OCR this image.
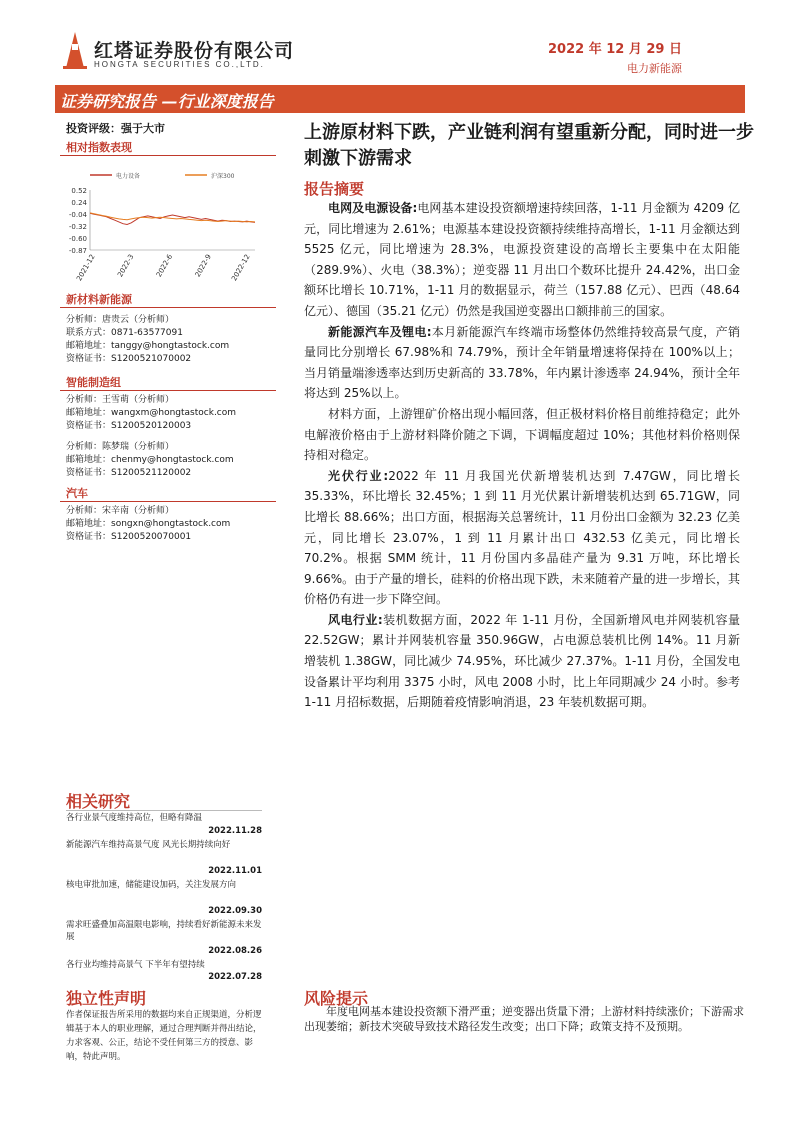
红塔证券股份有限公司
HONGTA SECURITIES CO.,LTD.
2022 年 12 月 29 日
电力新能源
证券研究报告 —行业深度报告
投资评级：强于大市
相对指数表现
新材料新能源
智能制造组
汽车
电力设备	沪深300
0.52
0.24
-0.04
-0.32
-0.60
-0.87
2021-12	2022-3	2022-6	2022-9 2022-12
分析师：唐贵云（分析师）
联系方式：0871-63577091
邮箱地址：tanggy@hongtastock.com
资格证书：S1200521070002
分析师：王雪萌（分析师）
邮箱地址：wangxm@hongtastock.com
资格证书：S1200520120003
分析师：陈梦瑞（分析师）
邮箱地址：chenmy@hongtastock.com
资格证书：S1200521120002
分析师：宋辛南（分析师）
邮箱地址：songxn@hongtastock.com
资格证书：S1200520070001
相关研究
各行业景气度维持高位，但略有降温
2022.11.28
新能源汽车维持高景气度 风光长期持续向好
2022.11.01
核电审批加速，储能建设加码，关注发展方向
2022.09.30
需求旺盛叠加高温限电影响，持续看好新能源未来发展
2022.08.26
各行业均维持高景气 下半年有望持续
2022.07.28
独立性声明
作者保证报告所采用的数据均来自正规渠道，分析逻辑基于本人的职业理解，通过合理判断并得出结论，力求客观、公正，结论不受任何第三方的授意、影响，特此声明。
上游原材料下跌，产业链利润有望重新分配，同时进一步刺激下游需求
报告摘要

电网及电源设备:电网基本建设投资额增速持续回落，1-11 月金额为 4209 亿元，同比增速为 2.61%；电源基本建设投资额持续维持高增长，1-11 月金额达到 5525 亿元，同比增速为 28.3%，电源投资建设的高增长主要集中在太阳能（289.9%）、火电（38.3%）；逆变器 11 月出口个数环比提升 24.42%，出口金额环比增长 10.71%，1-11 月的数据显示，荷兰（157.88 亿元）、巴西（48.64 亿元）、德国（35.21 亿元）仍然是我国逆变器出口额排前三的国家。

新能源汽车及锂电:本月新能源汽车终端市场整体仍然维持较高景气度，产销量同比分别增长 67.98%和 74.79%，预计全年销量增速将保持在 100%以上；当月销量端渗透率达到历史新高的 33.78%，年内累计渗透率 24.94%，预计全年将达到 25%以上。

材料方面，上游锂矿价格出现小幅回落，但正极材料价格目前维持稳定；此外电解液价格由于上游材料降价随之下调，下调幅度超过 10%；其他材料价格则保持相对稳定。

光伏行业:2022 年 11 月我国光伏新增装机达到 7.47GW，同比增长 35.33%，环比增长 32.45%；1 到 11 月光伏累计新增装机达到 65.71GW，同比增长 88.66%；出口方面，根据海关总署统计，11 月份出口金额为 32.23 亿美元，同比增长 23.07%，1 到 11 月累计出口 432.53 亿美元，同比增长 70.2%。根据 SMM 统计，11 月份国内多晶硅产量为 9.31 万吨，环比增长 9.66%。由于产量的增长，硅料的价格出现下跌，未来随着产量的进一步增长，其价格仍有进一步下降空间。

风电行业:装机数据方面，2022 年 1-11 月份，全国新增风电并网装机容量 22.52GW；累计并网装机容量 350.96GW，占电源总装机比例 14%。11 月新增装机 1.38GW，同比减少 74.95%，环比减少 27.37%。1-11 月份，全国发电设备累计平均利用 3375 小时，风电 2008 小时，比上年同期减少 24 小时。参考 1-11 月招标数据，后期随着疫情影响消退，23 年装机数据可期。

风险提示
年度电网基本建设投资额下滑严重；逆变器出货量下滑；上游材料持续涨价；下游需求出现萎缩；新技术突破导致技术路径发生改变；出口下降；政策支持不及预期。
